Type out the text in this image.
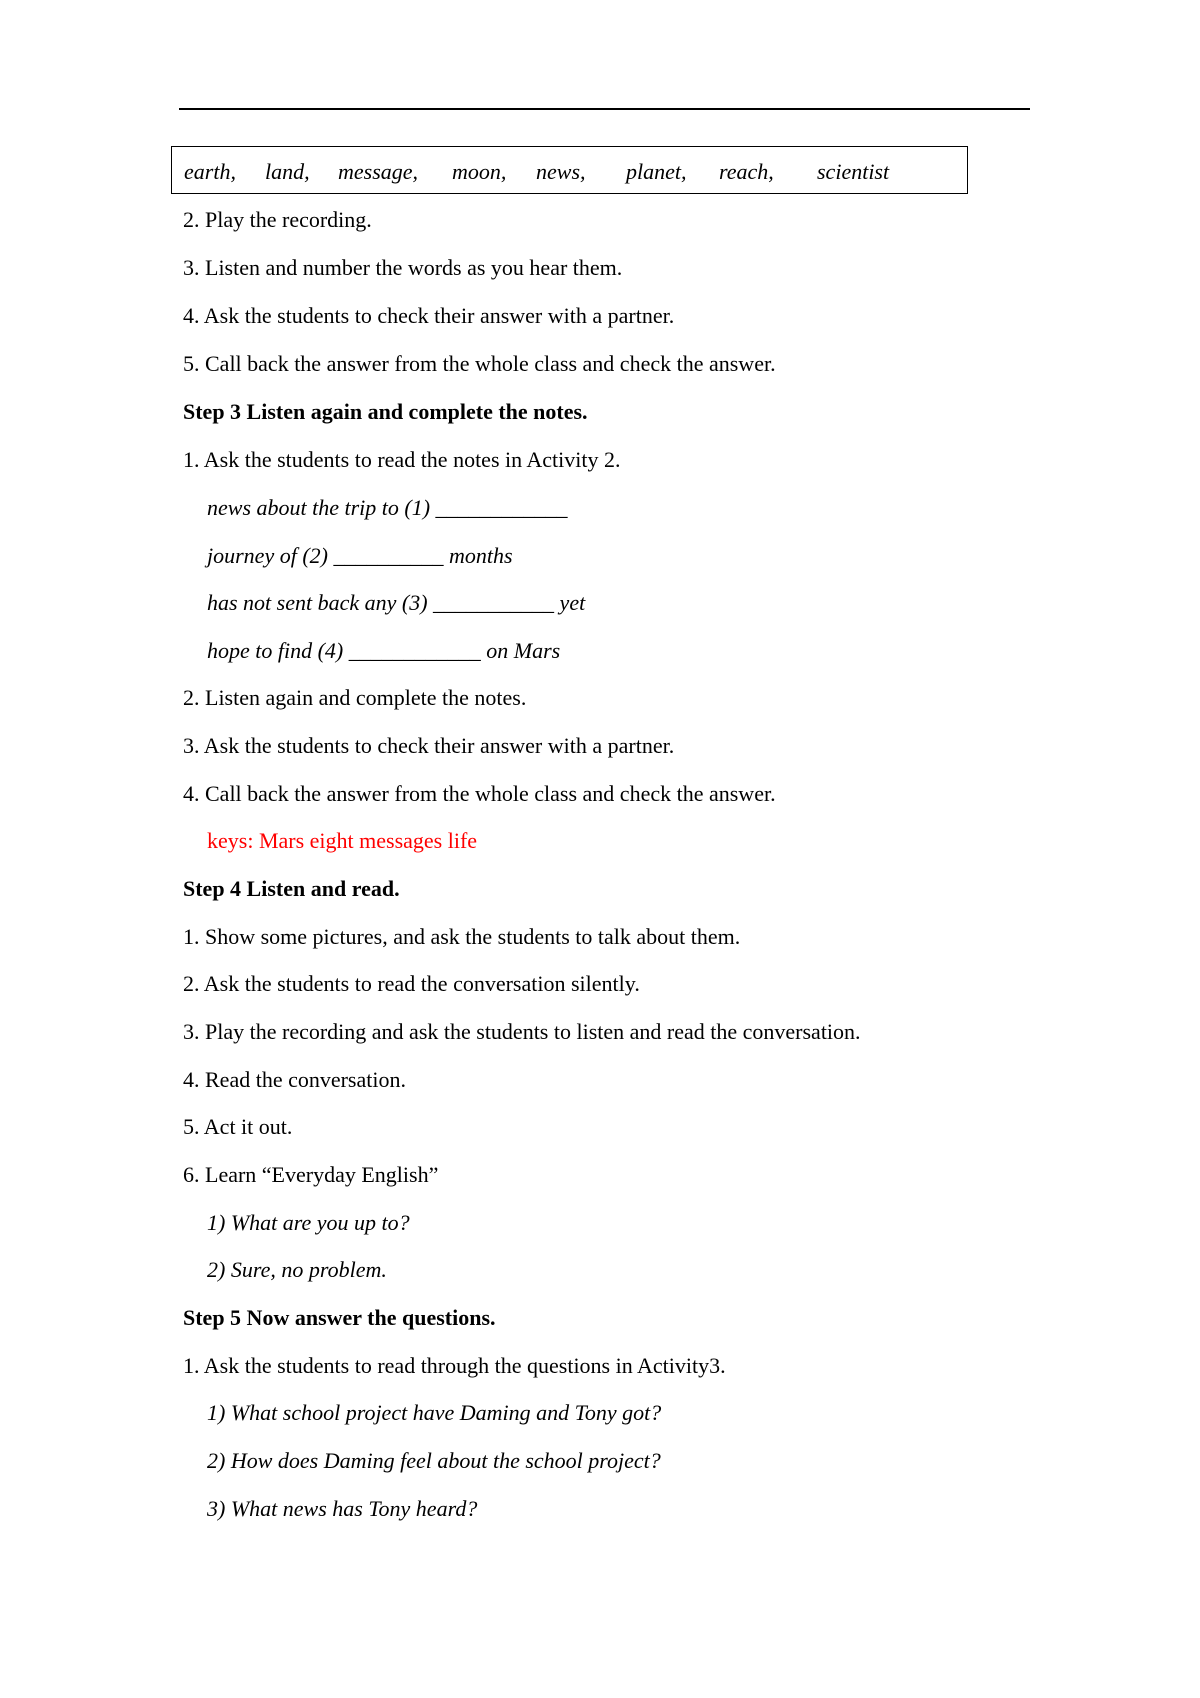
earth, land, message, moon, news, planet, reach, scientist
2. Play the recording.
3. Listen and number the words as you hear them.
4. Ask the students to check their answer with a partner.
5. Call back the answer from the whole class and check the answer.
Step 3 Listen again and complete the notes.
1. Ask the students to read the notes in Activity 2.
news about the trip to (1) ____________
journey of (2) __________ months
has not sent back any (3) ___________ yet
hope to find (4) ____________ on Mars
2. Listen again and complete the notes.
3. Ask the students to check their answer with a partner.
4. Call back the answer from the whole class and check the answer.
keys: Mars eight messages life
Step 4 Listen and read.
1. Show some pictures, and ask the students to talk about them.
2. Ask the students to read the conversation silently.
3. Play the recording and ask the students to listen and read the conversation.
4. Read the conversation.
5. Act it out.
6. Learn “Everyday English”
1) What are you up to?
2) Sure, no problem.
Step 5 Now answer the questions.
1. Ask the students to read through the questions in Activity3.
1) What school project have Daming and Tony got?
2) How does Daming feel about the school project?
3) What news has Tony heard?
